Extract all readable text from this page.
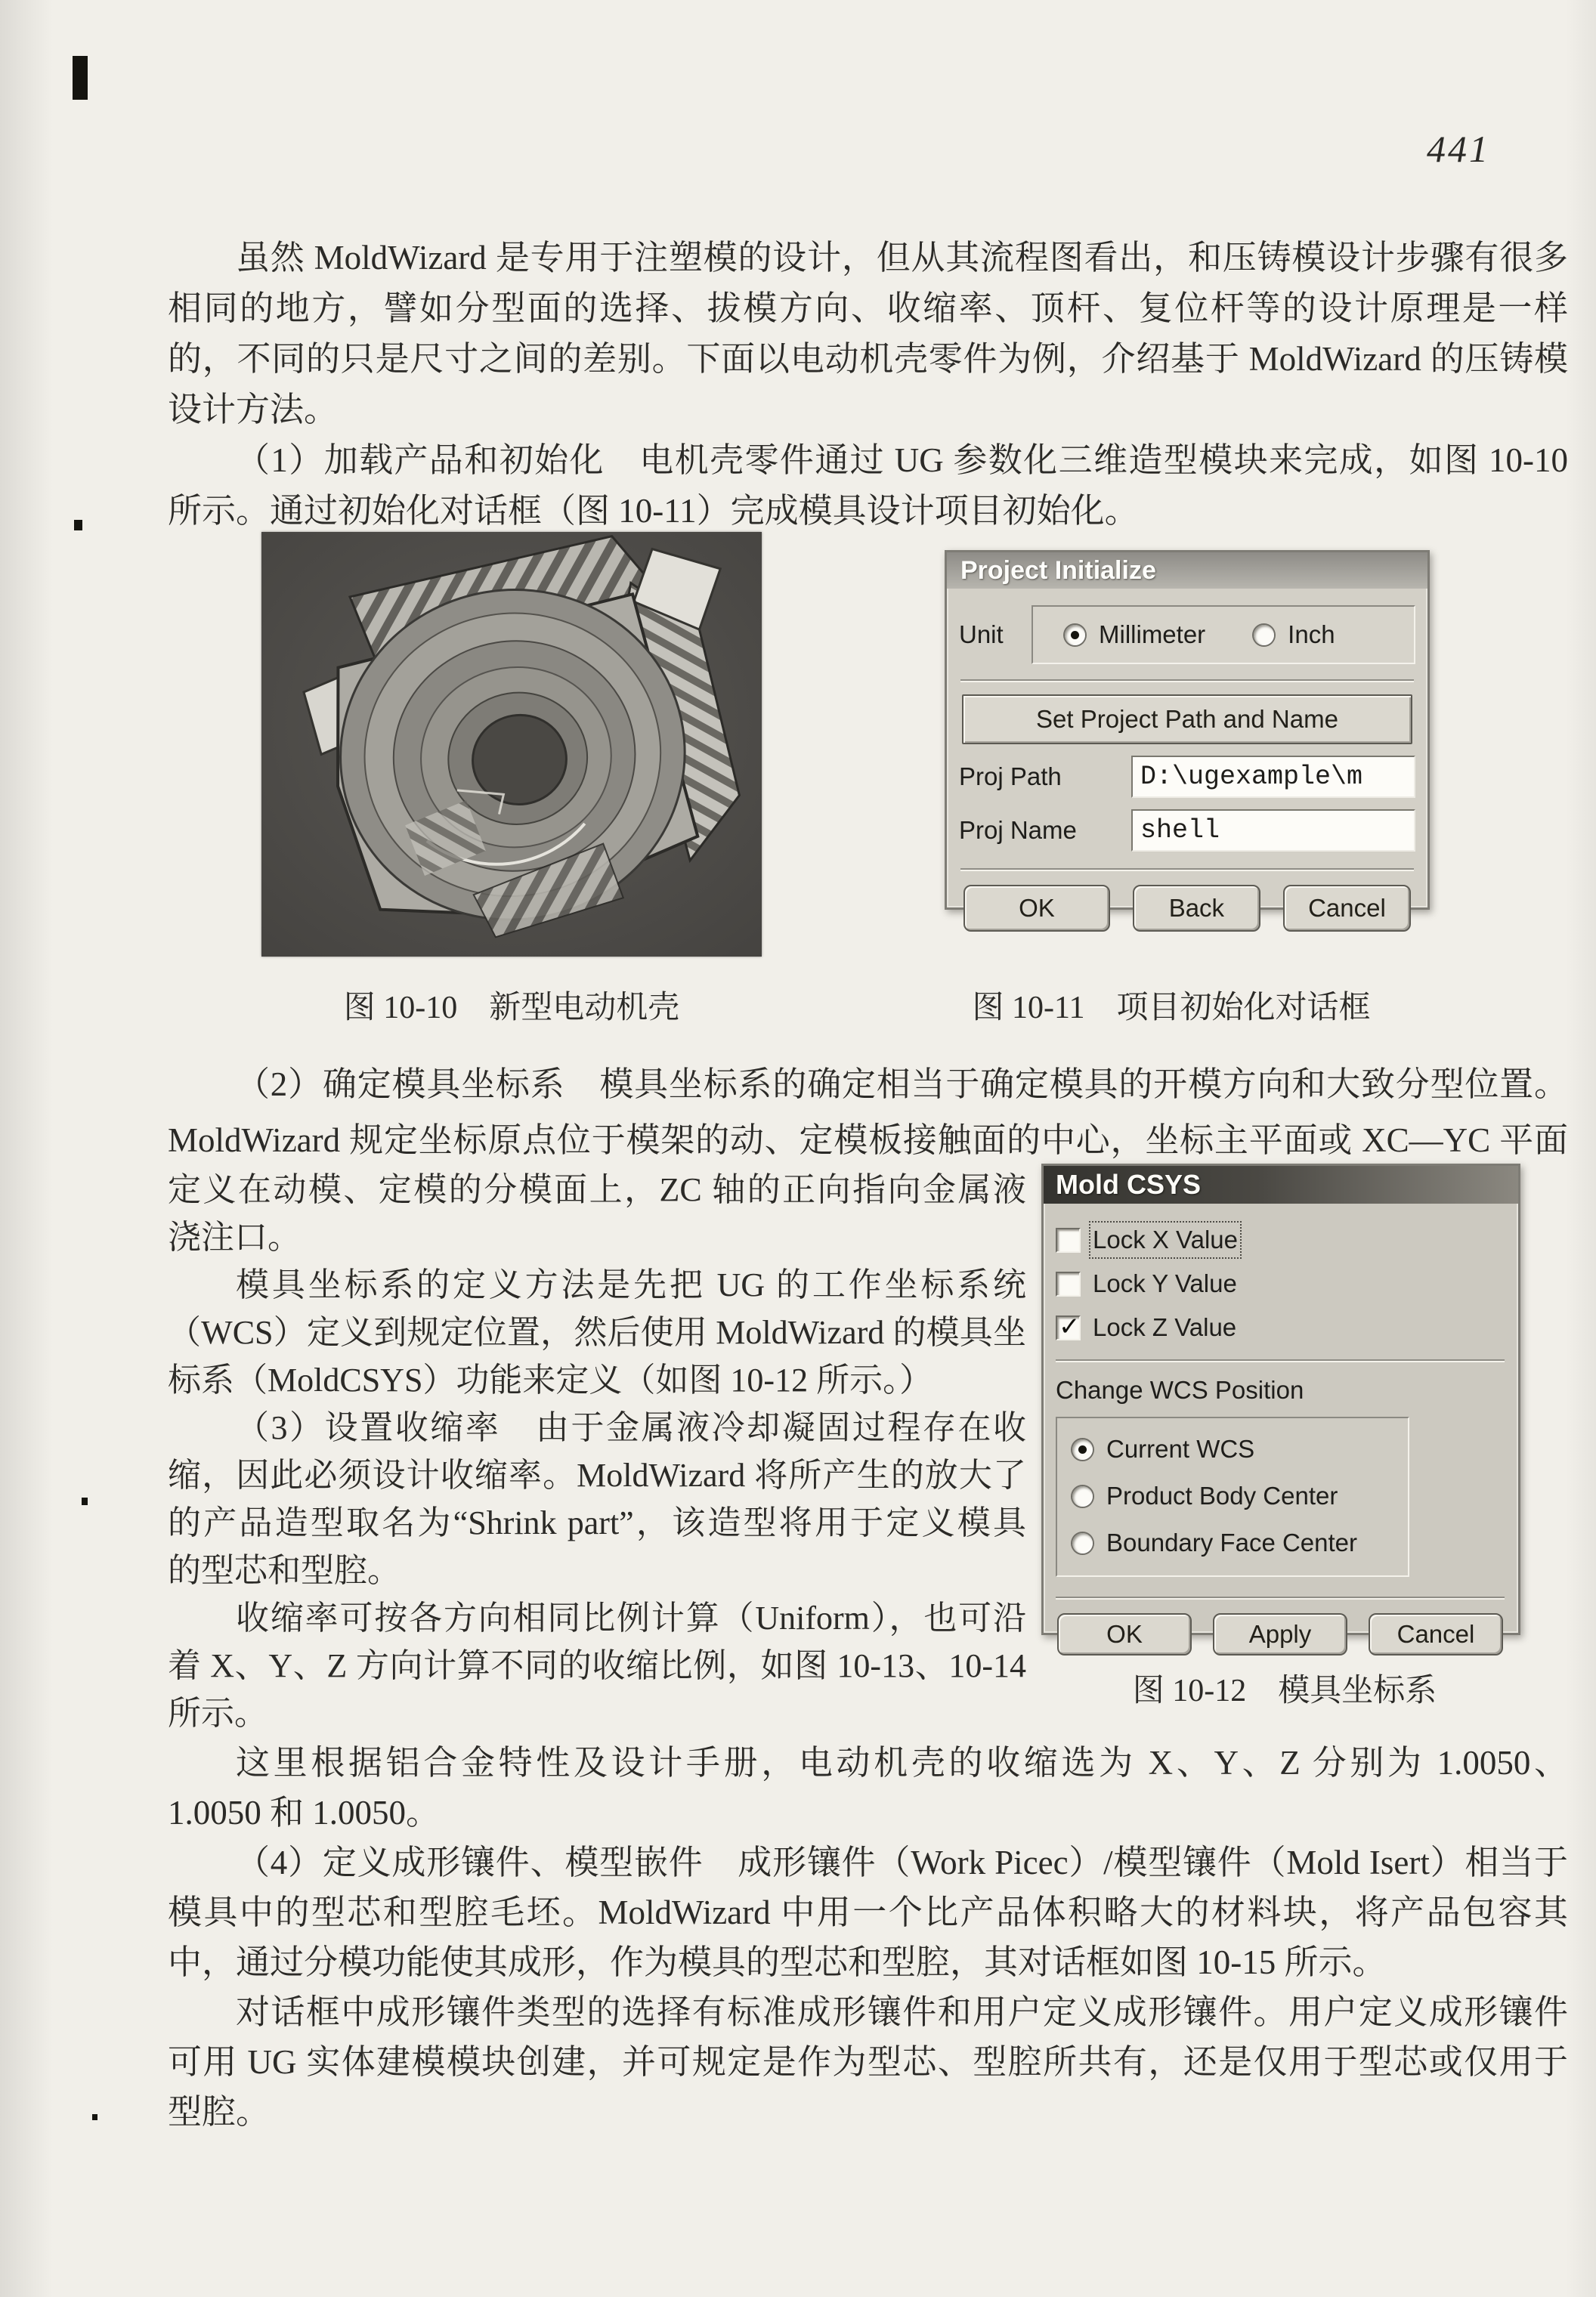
441
虽然 MoldWizard 是专用于注塑模的设计，但从其流程图看出，和压铸模设计步骤有很多
相同的地方，譬如分型面的选择、拔模方向、收缩率、顶杆、复位杆等的设计原理是一样
的，不同的只是尺寸之间的差别。下面以电动机壳零件为例，介绍基于 MoldWizard 的压铸模
设计方法。
（1）加载产品和初始化　电机壳零件通过 UG 参数化三维造型模块来完成，如图 10-10
所示。通过初始化对话框（图 10-11）完成模具设计项目初始化。
（2）确定模具坐标系　模具坐标系的确定相当于确定模具的开模方向和大致分型位置。
MoldWizard 规定坐标原点位于模架的动、定模板接触面的中心，坐标主平面或 XC—YC 平面
定义在动模、定模的分模面上，ZC 轴的正向指向金属液
浇注口。
模具坐标系的定义方法是先把 UG 的工作坐标系统
（WCS）定义到规定位置，然后使用 MoldWizard 的模具坐
标系（MoldCSYS）功能来定义（如图 10-12 所示。）
（3）设置收缩率　由于金属液冷却凝固过程存在收
缩，因此必须设计收缩率。MoldWizard 将所产生的放大了
的产品造型取名为“Shrink part”，该造型将用于定义模具
的型芯和型腔。
收缩率可按各方向相同比例计算（Uniform），也可沿
着 X、Y、Z 方向计算不同的收缩比例，如图 10-13、10-14
所示。
这里根据铝合金特性及设计手册，电动机壳的收缩选为 X、Y、Z 分别为 1.0050、
1.0050 和 1.0050。
（4）定义成形镶件、模型嵌件　成形镶件（Work Picec）/模型镶件（Mold Isert）相当于
模具中的型芯和型腔毛坯。MoldWizard 中用一个比产品体积略大的材料块，将产品包容其
中，通过分模功能使其成形，作为模具的型芯和型腔，其对话框如图 10-15 所示。
对话框中成形镶件类型的选择有标准成形镶件和用户定义成形镶件。用户定义成形镶件
可用 UG 实体建模模块创建，并可规定是作为型芯、型腔所共有，还是仅用于型芯或仅用于
型腔。
图 10-10　新型电动机壳
Project Initialize
Unit	Millimeter	Inch
Set Project Path and Name
Proj Path	D:\ugexample\m
Proj Name	shell
OK	Back	Cancel
图 10-11　项目初始化对话框
Mold CSYS
Lock X Value
Lock Y Value
✓
Lock Z Value
Change WCS Position
Current WCS
Product Body Center
Boundary Face Center
OK	Apply	Cancel
图 10-12　模具坐标系
